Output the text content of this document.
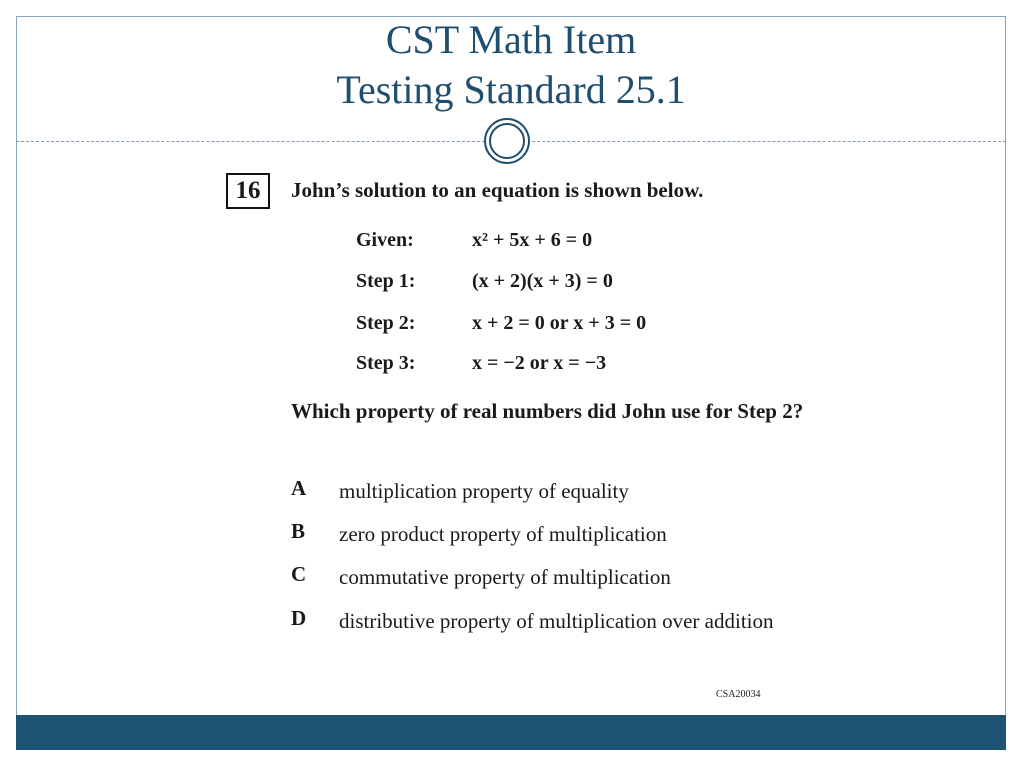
CST Math Item
Testing Standard 25.1
16	John’s solution to an equation is shown below.
Given:	x² + 5x + 6 = 0
Step 1:	(x + 2)(x + 3) = 0
Step 2:	x + 2 = 0 or x + 3 = 0
Step 3:	x = −2 or x = −3
Which property of real numbers did John use for Step 2?
A multiplication property of equality
B zero product property of multiplication
C commutative property of multiplication
D distributive property of multiplication over addition
CSA20034
